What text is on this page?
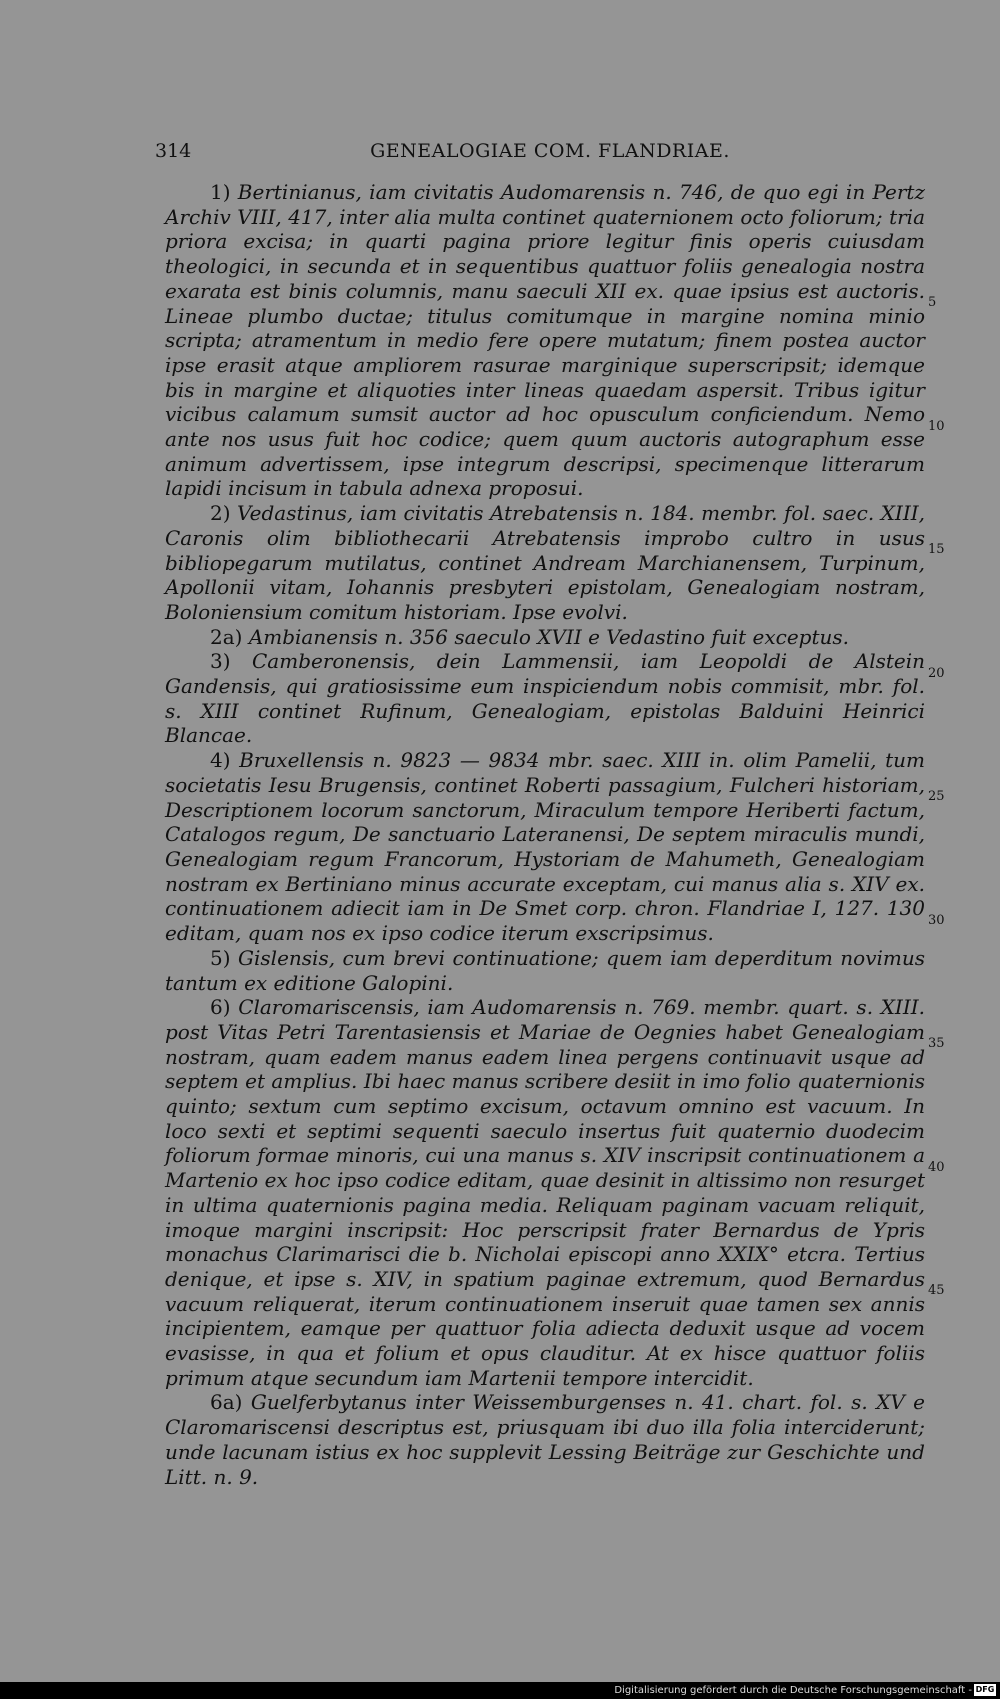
314	GENEALOGIAE COM. FLANDRIAE.

1) Bertinianus, iam civitatis Audomarensis n. 746, de quo egi in Pertz Archiv VIII, 417, inter alia multa continet quaternionem octo foliorum; tria priora excisa; in quarti pagina priore legitur finis operis cuiusdam theologici, in secunda et in sequentibus quattuor foliis genealogia nostra exarata est binis columnis, manu saeculi XII ex. quae ipsius est auctoris. Lineae plumbo ductae; titulus comitumque in margine nomina minio scripta; atramentum in medio fere opere mutatum; finem postea auctor ipse erasit atque ampliorem rasurae marginique superscripsit; idemque bis in margine et aliquoties inter lineas quaedam aspersit. Tribus igitur vicibus calamum sumsit auctor ad hoc opusculum conficiendum. Nemo ante nos usus fuit hoc codice; quem quum auctoris autographum esse animum advertissem, ipse integrum descripsi, specimenque litterarum lapidi incisum in tabula adnexa proposui.

2) Vedastinus, iam civitatis Atrebatensis n. 184. membr. fol. saec. XIII, Caronis olim bibliothecarii Atrebatensis improbo cultro in usus bibliopegarum mutilatus, continet Andream Marchianensem, Turpinum, Apollonii vitam, Iohannis presbyteri epistolam, Genealogiam nostram, Boloniensium comitum historiam. Ipse evolvi.

2a) Ambianensis n. 356 saeculo XVII e Vedastino fuit exceptus.

3) Camberonensis, dein Lammensii, iam Leopoldi de Alstein Gandensis, qui gratiosissime eum inspiciendum nobis commisit, mbr. fol. s. XIII continet Rufinum, Genealogiam, epistolas Balduini Heinrici Blancae.

4) Bruxellensis n. 9823 — 9834 mbr. saec. XIII in. olim Pamelii, tum societatis Iesu Brugensis, continet Roberti passagium, Fulcheri historiam, Descriptionem locorum sanctorum, Miraculum tempore Heriberti factum, Catalogos regum, De sanctuario Lateranensi, De septem miraculis mundi, Genealogiam regum Francorum, Hystoriam de Mahumeth, Genealogiam nostram ex Bertiniano minus accurate exceptam, cui manus alia s. XIV ex. continuationem adiecit iam in De Smet corp. chron. Flandriae I, 127. 130 editam, quam nos ex ipso codice iterum exscripsimus.

5) Gislensis, cum brevi continuatione; quem iam deperditum novimus tantum ex editione Galopini.

6) Claromariscensis, iam Audomarensis n. 769. membr. quart. s. XIII. post Vitas Petri Tarentasiensis et Mariae de Oegnies habet Genealogiam nostram, quam eadem manus eadem linea pergens continuavit usque ad septem et amplius. Ibi haec manus scribere desiit in imo folio quaternionis quinto; sextum cum septimo excisum, octavum omnino est vacuum. In loco sexti et septimi sequenti saeculo insertus fuit quaternio duodecim foliorum formae minoris, cui una manus s. XIV inscripsit continuationem a Martenio ex hoc ipso codice editam, quae desinit in altissimo non resurget in ultima quaternionis pagina media. Reliquam paginam vacuam reliquit, imoque margini inscripsit: Hoc perscripsit frater Bernardus de Ypris monachus Clarimarisci die b. Nicholai episcopi anno XXIX° etcra. Tertius denique, et ipse s. XIV, in spatium paginae extremum, quod Bernardus vacuum reliquerat, iterum continuationem inseruit quae tamen sex annis incipientem, eamque per quattuor folia adiecta deduxit usque ad vocem evasisse, in qua et folium et opus clauditur. At ex hisce quattuor foliis primum atque secundum iam Martenii tempore intercidit.

6a) Guelferbytanus inter Weissemburgenses n. 41. chart. fol. s. XV e Claromariscensi descriptus est, priusquam ibi duo illa folia interciderunt; unde lacunam istius ex hoc supplevit Lessing Beiträge zur Geschichte und Litt. n. 9.

5
10
15
20
25
30
35
40
45
Digitalisierung gefördert durch die Deutsche Forschungsgemeinschaft - DFG
